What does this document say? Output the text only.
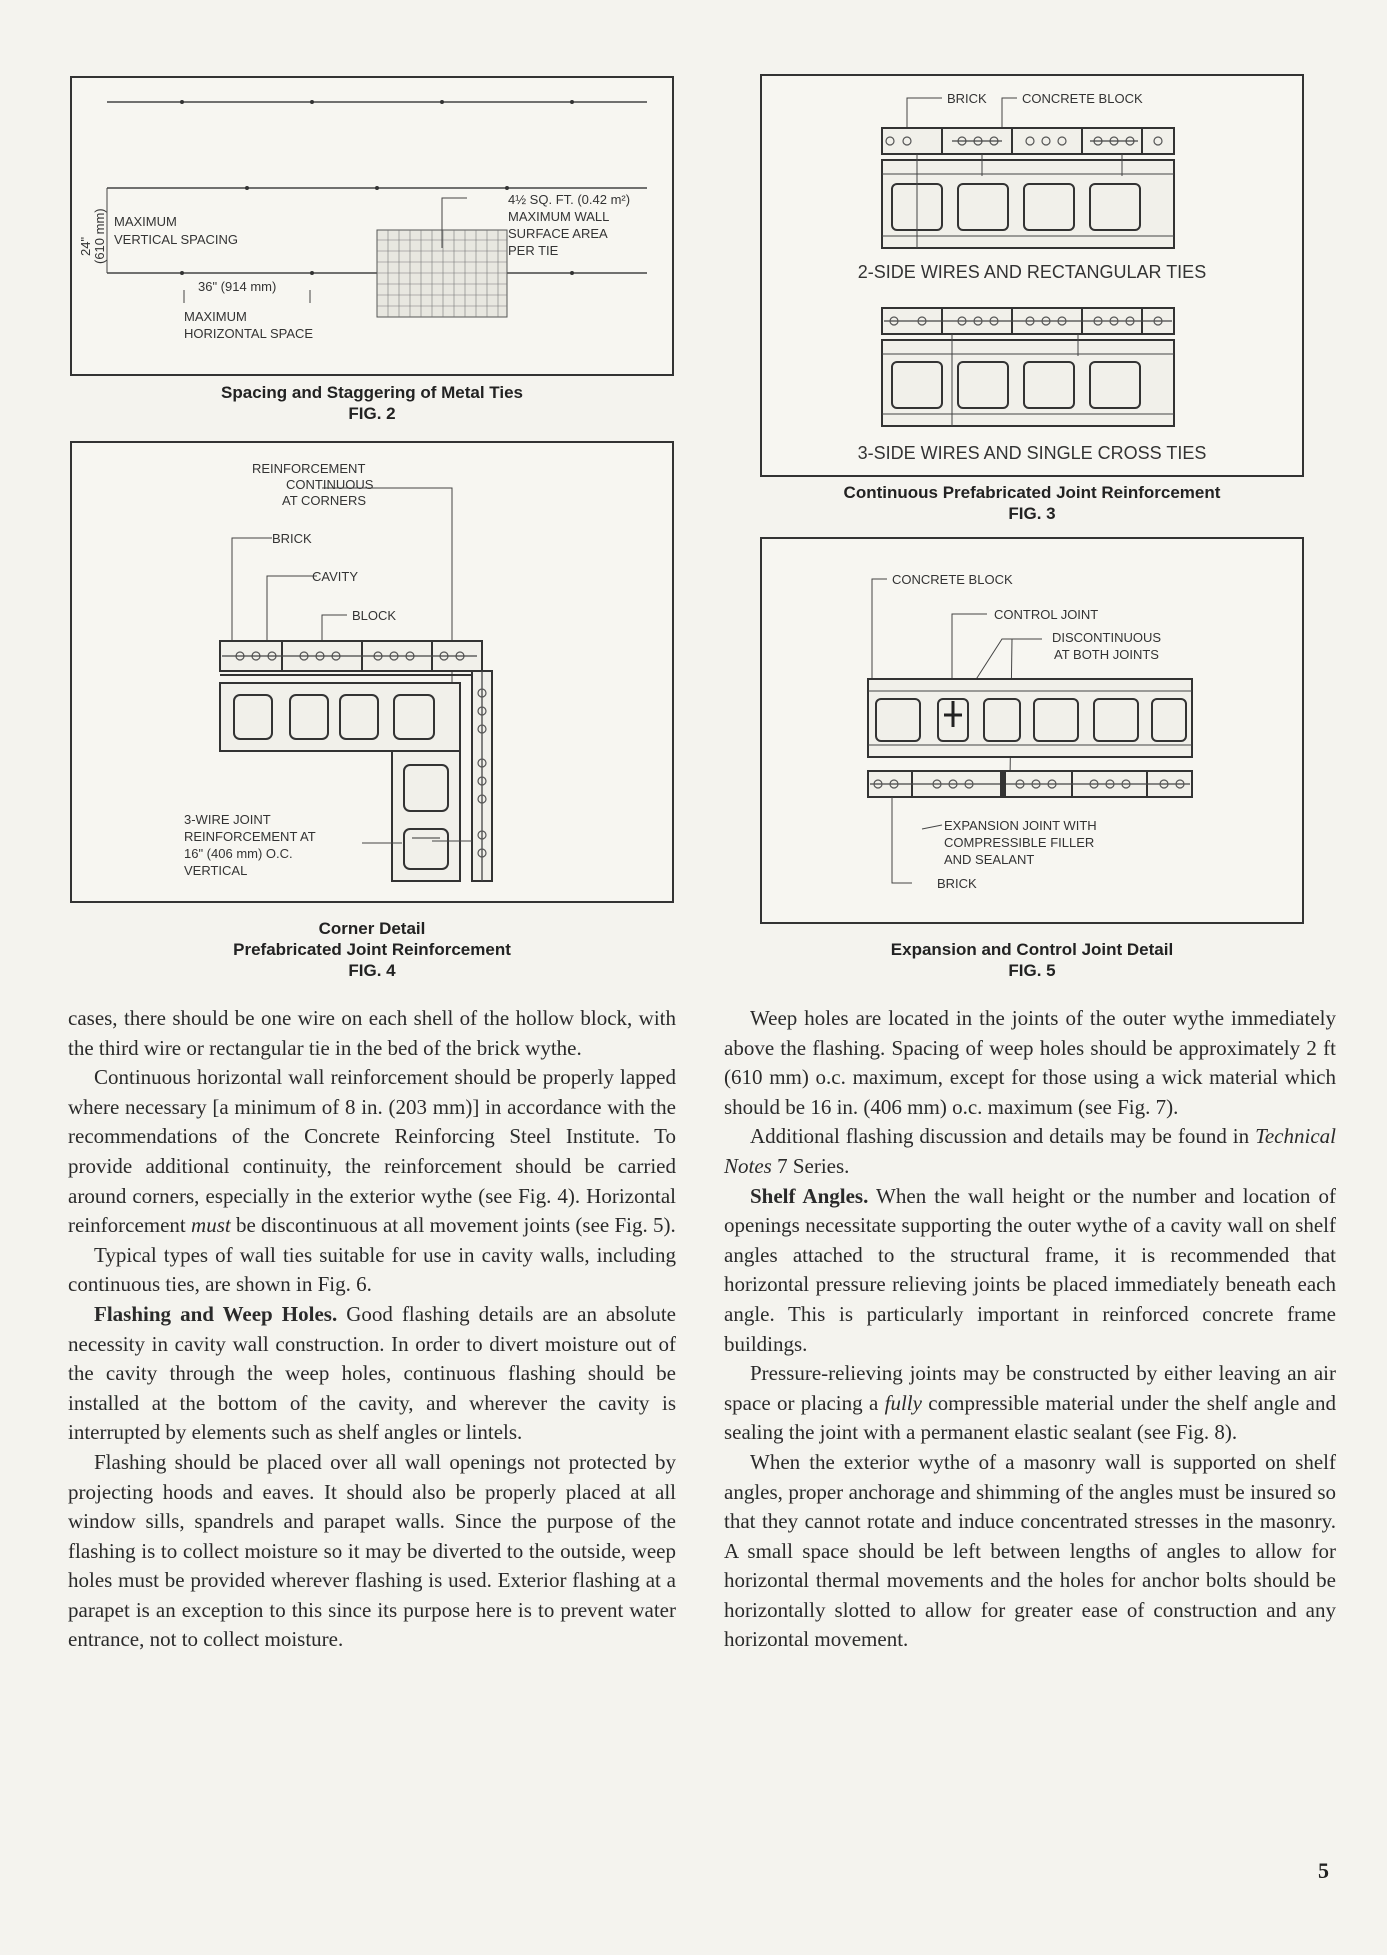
24" (610 mm) MAXIMUM
VERTICAL SPACING
36" (914 mm)
MAXIMUM
HORIZONTAL SPACE
4½ SQ. FT. (0.42 m²)
MAXIMUM WALL
SURFACE AREA
PER TIE
Spacing and Staggering of Metal Ties
FIG. 2
REINFORCEMENT
CONTINUOUS
AT CORNERS
BRICK
CAVITY
BLOCK
3-WIRE JOINT
REINFORCEMENT AT
16" (406 mm) O.C.
VERTICAL
Corner Detail
Prefabricated Joint Reinforcement
FIG. 4
BRICK	CONCRETE BLOCK
2-SIDE WIRES AND RECTANGULAR TIES
3-SIDE WIRES AND SINGLE CROSS TIES
Continuous Prefabricated Joint Reinforcement
FIG. 3
CONCRETE BLOCK
CONTROL JOINT
DISCONTINUOUS
AT BOTH JOINTS
EXPANSION JOINT WITH
COMPRESSIBLE FILLER
AND SEALANT
BRICK
Expansion and Control Joint Detail
FIG. 5

cases, there should be one wire on each shell of the hollow block, with the third wire or rectangular tie in the bed of the brick wythe.

Continuous horizontal wall reinforcement should be properly lapped where necessary [a minimum of 8 in. (203 mm)] in accordance with the recommendations of the Concrete Reinforcing Steel Institute. To provide additional continuity, the reinforcement should be carried around corners, especially in the exterior wythe (see Fig. 4). Horizontal reinforcement must be discontinuous at all movement joints (see Fig. 5).

Typical types of wall ties suitable for use in cavity walls, including continuous ties, are shown in Fig. 6.

Flashing and Weep Holes. Good flashing details are an absolute necessity in cavity wall construction. In order to divert moisture out of the cavity through the weep holes, continuous flashing should be installed at the bottom of the cavity, and wherever the cavity is interrupted by elements such as shelf angles or lintels.

Flashing should be placed over all wall openings not protected by projecting hoods and eaves. It should also be properly placed at all window sills, spandrels and parapet walls. Since the purpose of the flashing is to collect moisture so it may be diverted to the outside, weep holes must be provided wherever flashing is used. Exterior flashing at a parapet is an exception to this since its purpose here is to prevent water entrance, not to collect moisture.

Weep holes are located in the joints of the outer wythe immediately above the flashing. Spacing of weep holes should be approximately 2 ft (610 mm) o.c. maximum, except for those using a wick material which should be 16 in. (406 mm) o.c. maximum (see Fig. 7).

Additional flashing discussion and details may be found in Technical Notes 7 Series.

Shelf Angles. When the wall height or the number and location of openings necessitate supporting the outer wythe of a cavity wall on shelf angles attached to the structural frame, it is recommended that horizontal pressure relieving joints be placed immediately beneath each angle. This is particularly important in reinforced concrete frame buildings.

Pressure-relieving joints may be constructed by either leaving an air space or placing a fully compressible material under the shelf angle and sealing the joint with a permanent elastic sealant (see Fig. 8).

When the exterior wythe of a masonry wall is supported on shelf angles, proper anchorage and shimming of the angles must be insured so that they cannot rotate and induce concentrated stresses in the masonry. A small space should be left between lengths of angles to allow for horizontal thermal movements and the holes for anchor bolts should be horizontally slotted to allow for greater ease of construction and any horizontal movement.

5
